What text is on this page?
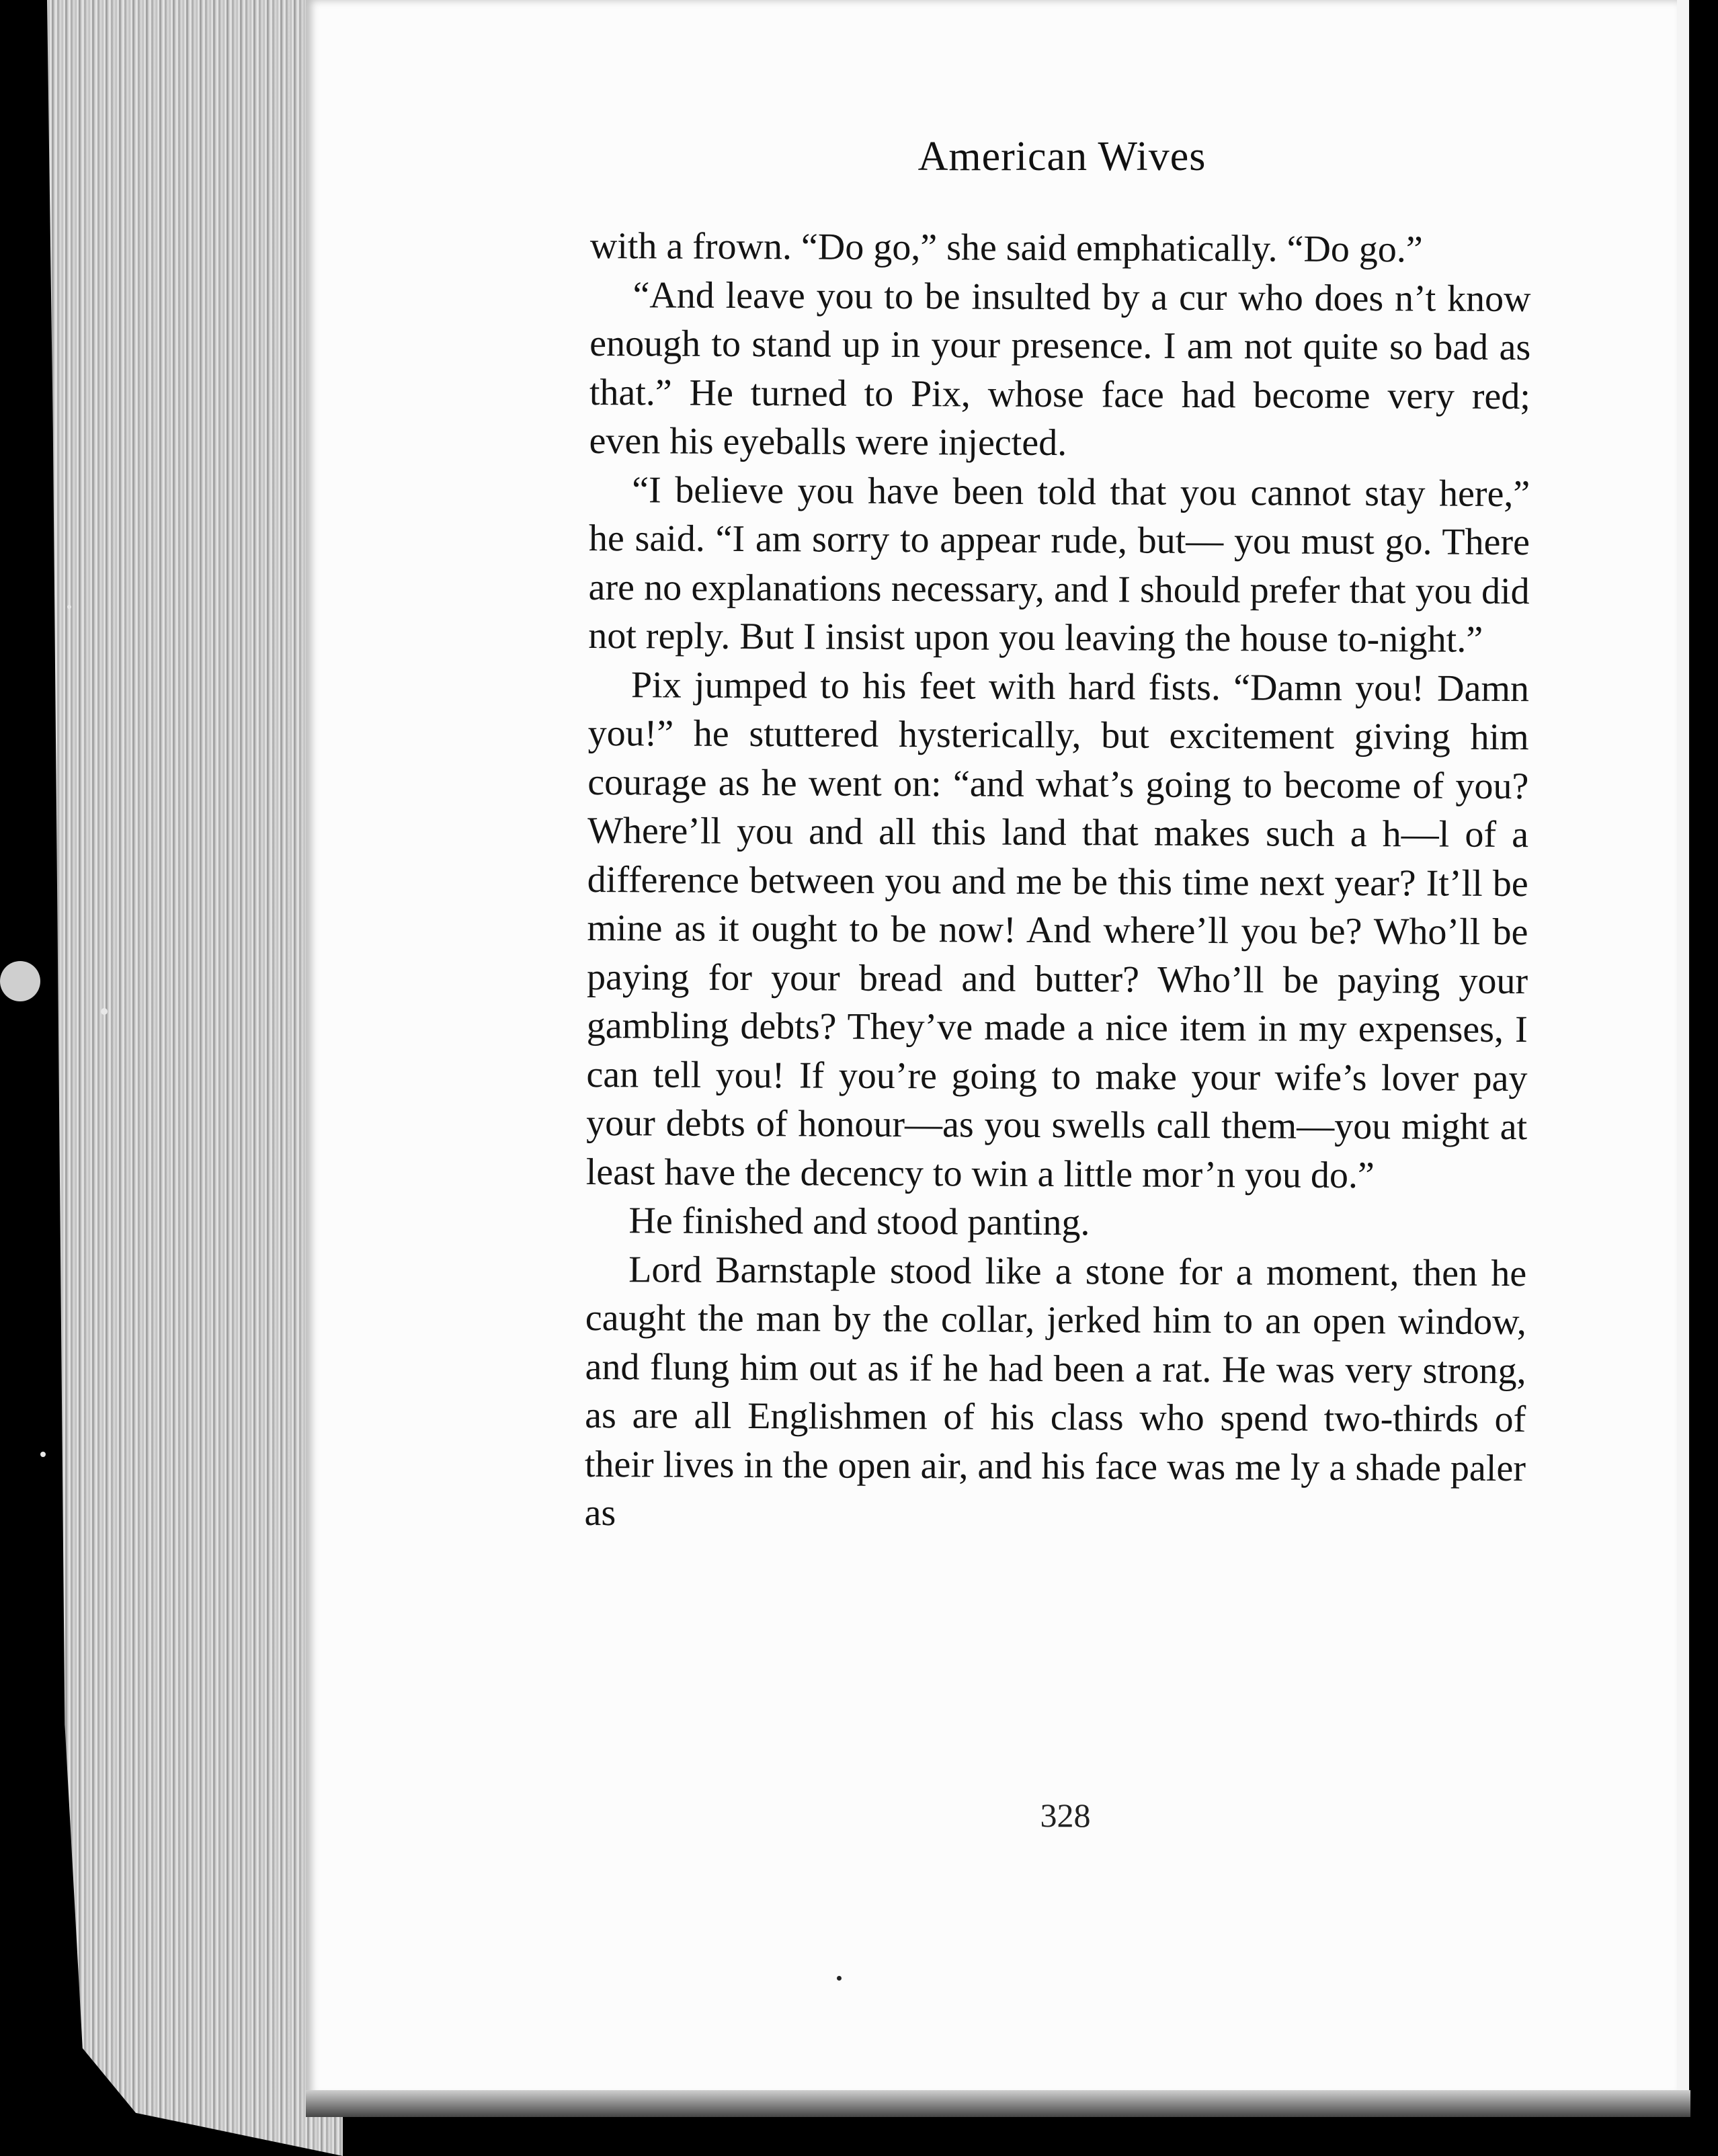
American Wives

with a frown. “Do go,” she said emphatically. “Do go.”

“And leave you to be insulted by a cur who does n’t know enough to stand up in your presence. I am not quite so bad as that.” He turned to Pix, whose face had become very red; even his eyeballs were injected.

“I believe you have been told that you cannot stay here,” he said. “I am sorry to appear rude, but— you must go. There are no explanations necessary, and I should prefer that you did not reply. But I insist upon you leaving the house to-night.”

Pix jumped to his feet with hard fists. “Damn you! Damn you!” he stuttered hysterically, but excitement giving him courage as he went on: “and what’s going to become of you? Where’ll you and all this land that makes such a h—l of a difference between you and me be this time next year? It’ll be mine as it ought to be now! And where’ll you be? Who’ll be paying for your bread and butter? Who’ll be paying your gambling debts? They’ve made a nice item in my expenses, I can tell you! If you’re going to make your wife’s lover pay your debts of honour—as you swells call them—you might at least have the decency to win a little mor’n you do.”

He finished and stood panting.

Lord Barnstaple stood like a stone for a moment, then he caught the man by the collar, jerked him to an open window, and flung him out as if he had been a rat. He was very strong, as are all Englishmen of his class who spend two-thirds of their lives in the open air, and his face was me ly a shade paler as

328
